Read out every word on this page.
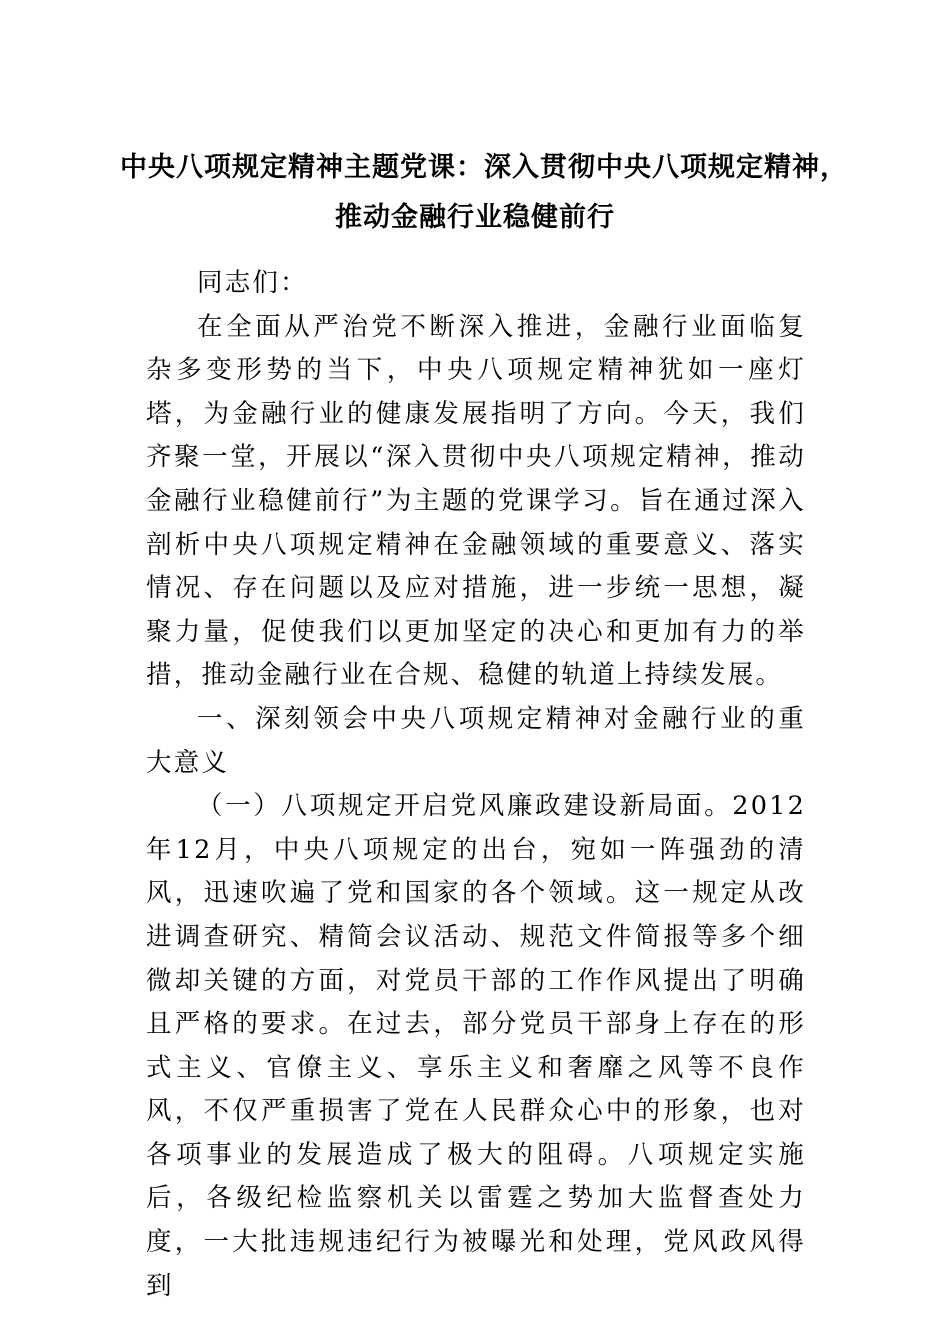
中央八项规定精神主题党课：深入贯彻中央八项规定精神，
推动金融行业稳健前行

同志们：

在全面从严治党不断深入推进，金融行业面临复杂多变形势的当下，中央八项规定精神犹如一座灯塔，为金融行业的健康发展指明了方向。今天，我们齐聚一堂，开展以“深入贯彻中央八项规定精神，推动金融行业稳健前行”为主题的党课学习。旨在通过深入剖析中央八项规定精神在金融领域的重要意义、落实情况、存在问题以及应对措施，进一步统一思想，凝聚力量，促使我们以更加坚定的决心和更加有力的举措，推动金融行业在合规、稳健的轨道上持续发展。

一、深刻领会中央八项规定精神对金融行业的重大意义

（一）八项规定开启党风廉政建设新局面。2012年12月，中央八项规定的出台，宛如一阵强劲的清风，迅速吹遍了党和国家的各个领域。这一规定从改进调查研究、精简会议活动、规范文件简报等多个细微却关键的方面，对党员干部的工作作风提出了明确且严格的要求。在过去，部分党员干部身上存在的形式主义、官僚主义、享乐主义和奢靡之风等不良作风，不仅严重损害了党在人民群众心中的形象，也对各项事业的发展造成了极大的阻碍。八项规定实施后，各级纪检监察机关以雷霆之势加大监督查处力度，一大批违规违纪行为被曝光和处理，党风政风得到
